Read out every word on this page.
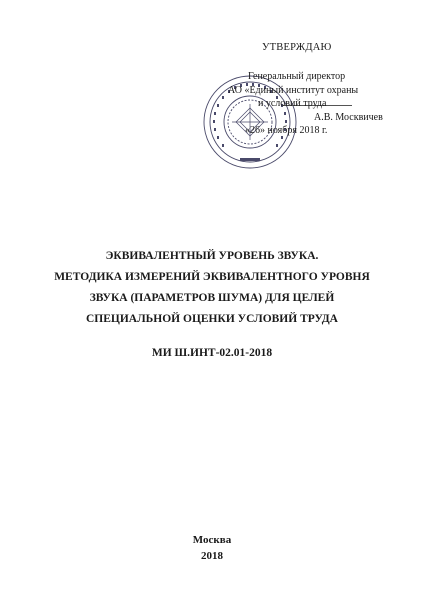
УТВЕРЖДАЮ
Генеральный директор
АО «Единый институт охраны
и условий труда
А.В. Москвичев
«26» ноября 2018 г.
ЭКВИВАЛЕНТНЫЙ УРОВЕНЬ ЗВУКА.
МЕТОДИКА ИЗМЕРЕНИЙ ЭКВИВАЛЕНТНОГО УРОВНЯ
ЗВУКА (ПАРАМЕТРОВ ШУМА) ДЛЯ ЦЕЛЕЙ
СПЕЦИАЛЬНОЙ ОЦЕНКИ УСЛОВИЙ ТРУДА
МИ Ш.ИНТ-02.01-2018
Москва
2018
